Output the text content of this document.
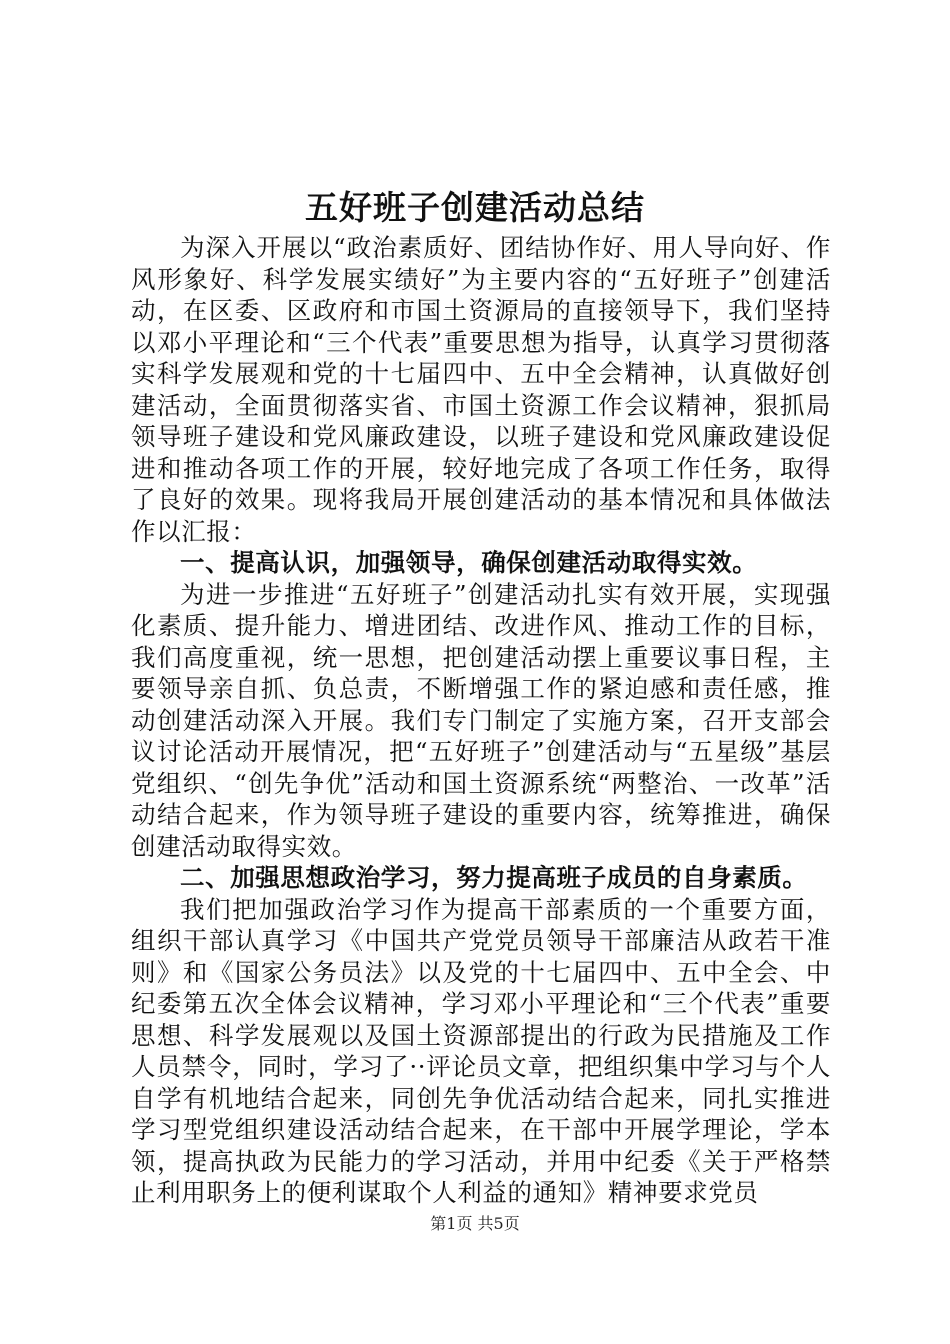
五好班子创建活动总结

为深入开展以“政治素质好、团结协作好、用人导向好、作风形象好、科学发展实绩好”为主要内容的“五好班子”创建活动，在区委、区政府和市国土资源局的直接领导下，我们坚持以邓小平理论和“三个代表”重要思想为指导，认真学习贯彻落实科学发展观和党的十七届四中、五中全会精神，认真做好创建活动，全面贯彻落实省、市国土资源工作会议精神，狠抓局领导班子建设和党风廉政建设，以班子建设和党风廉政建设促进和推动各项工作的开展，较好地完成了各项工作任务，取得了良好的效果。现将我局开展创建活动的基本情况和具体做法作以汇报：

一、提高认识，加强领导，确保创建活动取得实效。

为进一步推进“五好班子”创建活动扎实有效开展，实现强化素质、提升能力、增进团结、改进作风、推动工作的目标，我们高度重视，统一思想，把创建活动摆上重要议事日程，主要领导亲自抓、负总责，不断增强工作的紧迫感和责任感，推动创建活动深入开展。我们专门制定了实施方案，召开支部会议讨论活动开展情况，把“五好班子”创建活动与“五星级”基层党组织、“创先争优”活动和国土资源系统“两整治、一改革”活动结合起来，作为领导班子建设的重要内容，统筹推进，确保创建活动取得实效。

二、加强思想政治学习，努力提高班子成员的自身素质。

我们把加强政治学习作为提高干部素质的一个重要方面，组织干部认真学习《中国共产党党员领导干部廉洁从政若干准则》和《国家公务员法》以及党的十七届四中、五中全会、中纪委第五次全体会议精神，学习邓小平理论和“三个代表”重要思想、科学发展观以及国土资源部提出的行政为民措施及工作人员禁令，同时，学习了··评论员文章，把组织集中学习与个人自学有机地结合起来，同创先争优活动结合起来，同扎实推进学习型党组织建设活动结合起来，在干部中开展学理论，学本领，提高执政为民能力的学习活动，并用中纪委《关于严格禁止利用职务上的便利谋取个人利益的通知》精神要求党员

第1页 共5页
